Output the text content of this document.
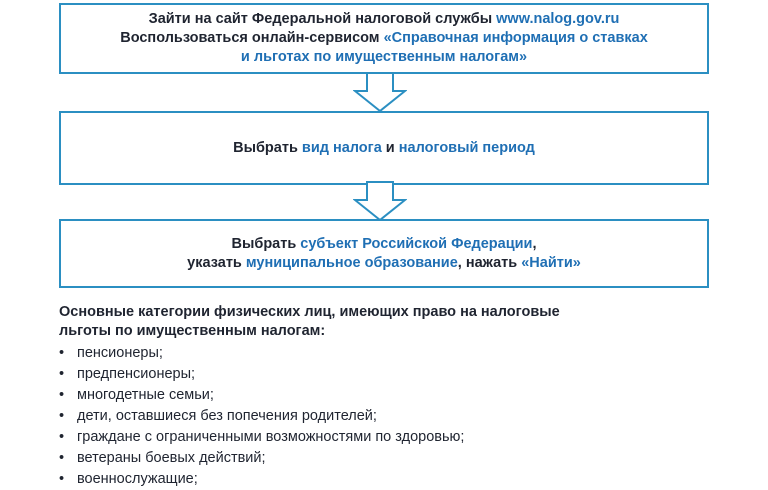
Зайти на сайт Федеральной налоговой службы www.nalog.gov.ru
Воспользоваться онлайн-сервисом «Справочная информация о ставках
и льготах по имущественным налогам»
Выбрать вид налога и налоговый период
Выбрать субъект Российской Федерации,
указать муниципальное образование, нажать «Найти»

Основные категории физических лиц, имеющих право на налоговые
льготы по имущественным налогам:

• пенсионеры;
• предпенсионеры;
• многодетные семьи;
• дети, оставшиеся без попечения родителей;
• граждане с ограниченными возможностями по здоровью;
• ветераны боевых действий;
• военнослужащие;
